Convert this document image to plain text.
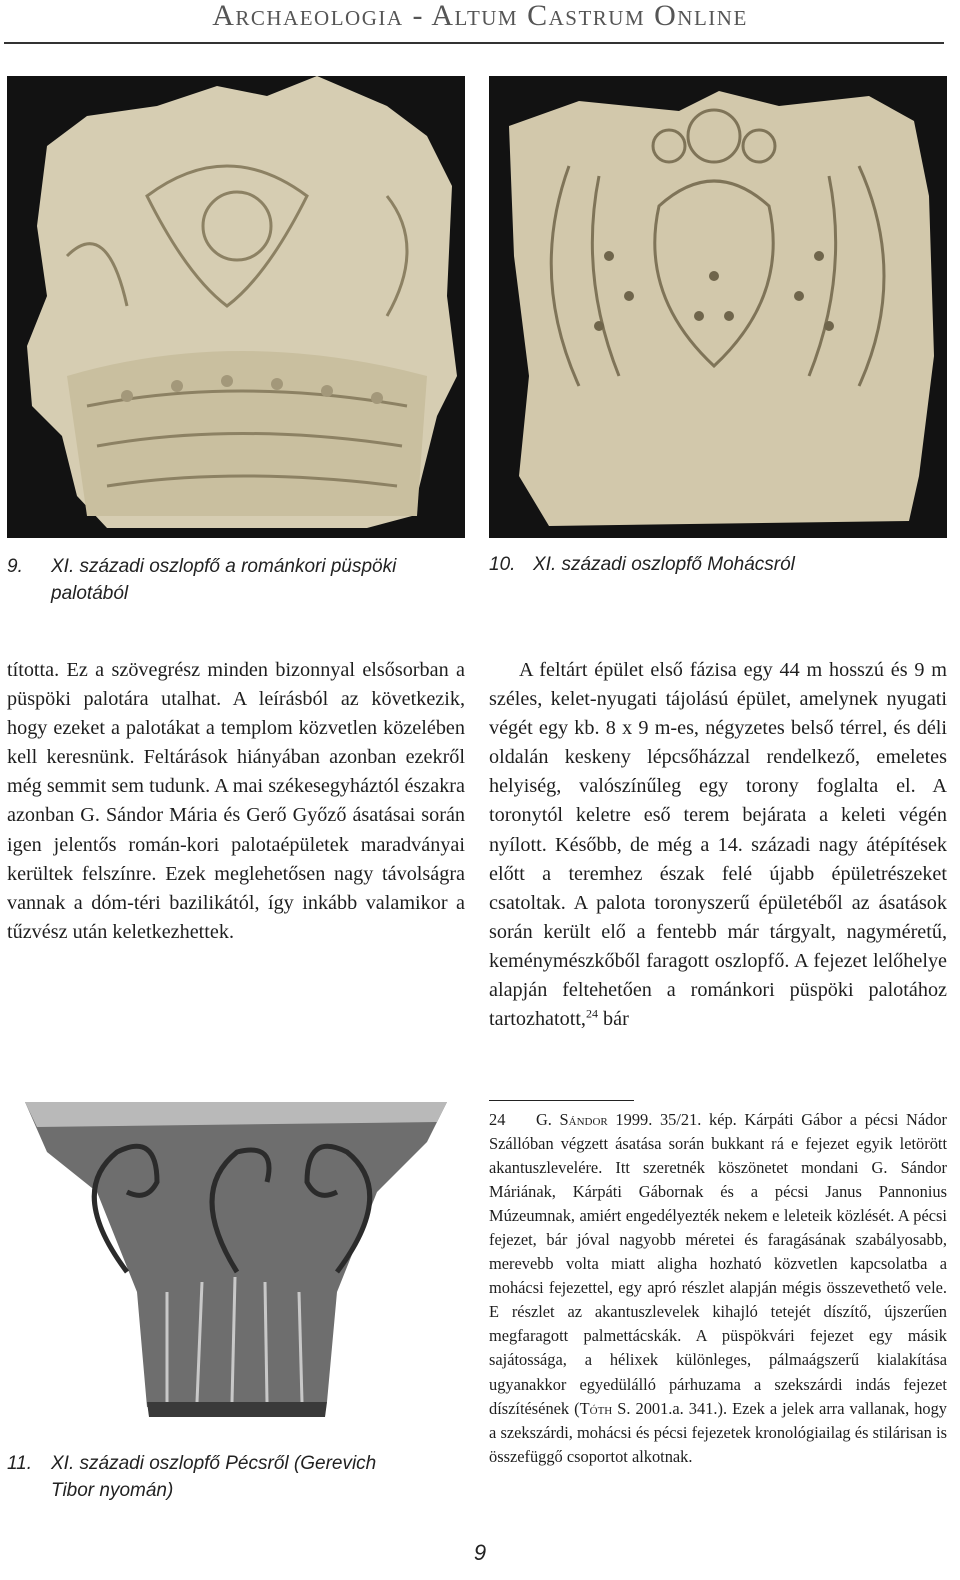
Archaeologia - Altum Castrum Online
9. XI. századi oszlopfő a románkori püspöki
palotából
10. XI. századi oszlopfő Mohácsról

tította. Ez a szövegrész minden bizonnyal elsősorban a püspöki palotára utalhat. A leírásból az következik, hogy ezeket a palotákat a templom közvetlen közelében kell keresnünk. Feltárások hiányában azonban ezekről még semmit sem tudunk. A mai székesegyháztól északra azonban G. Sándor Mária és Gerő Győző ásatásai során igen jelentős román-kori palotaépületek maradványai kerültek felszínre. Ezek meglehetősen nagy távolságra vannak a dóm-téri bazilikától, így inkább valamikor a tűzvész után keletkezhettek.

A feltárt épület első fázisa egy 44 m hosszú és 9 m széles, kelet-nyugati tájolású épület, amelynek nyugati végét egy kb. 8 x 9 m-es, négyzetes belső térrel, és déli oldalán keskeny lépcsőházzal rendelkező, emeletes helyiség, valószínűleg egy torony foglalta el. A toronytól keletre eső terem bejárata a keleti végén nyílott. Később, de még a 14. századi nagy átépítések előtt a teremhez észak felé újabb épületrészeket csatoltak. A palota toronyszerű épületéből az ásatások során került elő a fentebb már tárgyalt, nagyméretű, keménymészkőből faragott oszlopfő. A fejezet lelőhelye alapján feltehetően a románkori püspöki palotához tartozhatott,$^{24}$ bár

11. XI. századi oszlopfő Pécsről (Gerevich
Tibor nyomán)
24 G. Sándor 1999. 35/21. kép. Kárpáti Gábor a pécsi Nádor Szállóban végzett ásatása során bukkant rá e fejezet egyik letörött akantuszlevelére. Itt szeretnék köszönetet mondani G. Sándor Máriának, Kárpáti Gábornak és a pécsi Janus Pannonius Múzeumnak, amiért engedélyezték nekem e leleteik közlését. A pécsi fejezet, bár jóval nagyobb méretei és faragásának szabályosabb, merevebb volta miatt aligha hozható közvetlen kapcsolatba a mohácsi fejezettel, egy apró részlet alapján mégis összevethető vele. E részlet az akantuszlevelek kihajló tetejét díszítő, újszerűen megfaragott palmettácskák. A püspökvári fejezet egy másik sajátossága, a hélixek különleges, pálmaágszerű kialakítása ugyanakkor egyedülálló párhuzama a szekszárdi indás fejezet díszítésének (Tóth S. 2001.a. 341.). Ezek a jelek arra vallanak, hogy a szekszárdi, mohácsi és pécsi fejezetek kronológiailag és stilárisan is összefüggő csoportot alkotnak.
9
